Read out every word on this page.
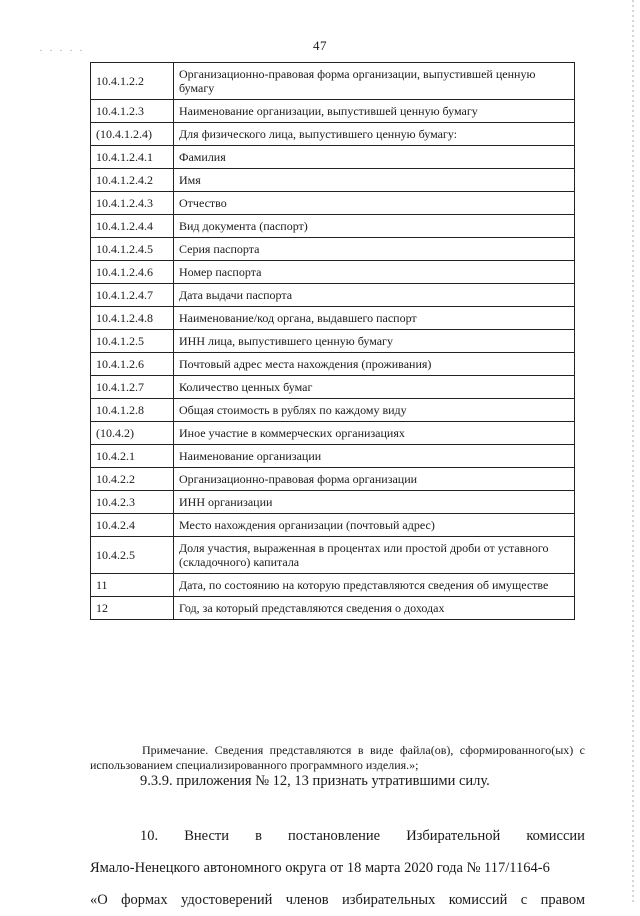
. . . . .	47
10.4.1.2.2	Организационно-правовая форма организации, выпустившей ценную бумагу
10.4.1.2.3	Наименование организации, выпустившей ценную бумагу
(10.4.1.2.4)	Для физического лица, выпустившего ценную бумагу:
10.4.1.2.4.1	Фамилия
10.4.1.2.4.2	Имя
10.4.1.2.4.3	Отчество
10.4.1.2.4.4	Вид документа (паспорт)
10.4.1.2.4.5	Серия паспорта
10.4.1.2.4.6	Номер паспорта
10.4.1.2.4.7	Дата выдачи паспорта
10.4.1.2.4.8	Наименование/код органа, выдавшего паспорт
10.4.1.2.5	ИНН лица, выпустившего ценную бумагу
10.4.1.2.6	Почтовый адрес места нахождения (проживания)
10.4.1.2.7	Количество ценных бумаг
10.4.1.2.8	Общая стоимость в рублях по каждому виду
(10.4.2)	Иное участие в коммерческих организациях
10.4.2.1	Наименование организации
10.4.2.2	Организационно-правовая форма организации
10.4.2.3	ИНН организации
10.4.2.4	Место нахождения организации (почтовый адрес)
10.4.2.5	Доля участия, выраженная в процентах или простой дроби от уставного (складочного) капитала
11	Дата, по состоянию на которую представляются сведения об имуществе
12	Год, за который представляются сведения о доходах
Примечание. Сведения представляются в виде файла(ов), сформированного(ых) с использованием специализированного программного изделия.»;
9.3.9. приложения № 12, 13 признать утратившими силу.
10. Внести в постановление Избирательной комиссии
Ямало-Ненецкого автономного округа от 18 марта 2020 года № 117/1164-6
«О формах удостоверений членов избирательных комиссий с правом
